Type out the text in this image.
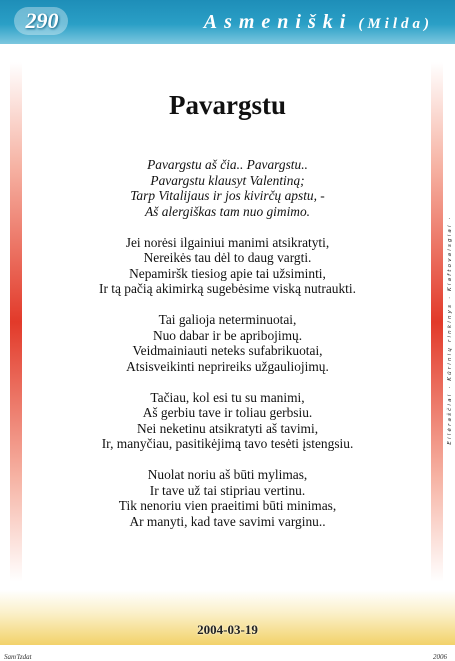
290	Asmeniški (Milda)
Eilėraščiai · Kūrinių rinkinys · Kiaftovaisgiai ·
Pavargstu
Pavargstu aš čia.. Pavargstu..
Pavargstu klausyt Valentiną;
Tarp Vitalijaus ir jos kivirčų apstu, -
Aš alergiškas tam nuo gimimo.
Jei norėsi ilgainiui manimi atsikratyti,
Nereikės tau dėl to daug vargti.
Nepamiršk tiesiog apie tai užsiminti,
Ir tą pačią akimirką sugebėsime viską nutraukti.
Tai galioja neterminuotai,
Nuo dabar ir be apribojimų.
Veidmainiauti neteks sufabrikuotai,
Atsisveikinti neprireiks užgauliojimų.
Tačiau, kol esi tu su manimi,
Aš gerbiu tave ir toliau gerbsiu.
Nei neketinu atsikratyti aš tavimi,
Ir, manyčiau, pasitikėjimą tavo tesėti įstengsiu.
Nuolat noriu aš būti mylimas,
Ir tave už tai stipriau vertinu.
Tik nenoriu vien praeitimi būti minimas,
Ar manyti, kad tave savimi varginu..
2004-03-19
Sam'Izdat	2006
